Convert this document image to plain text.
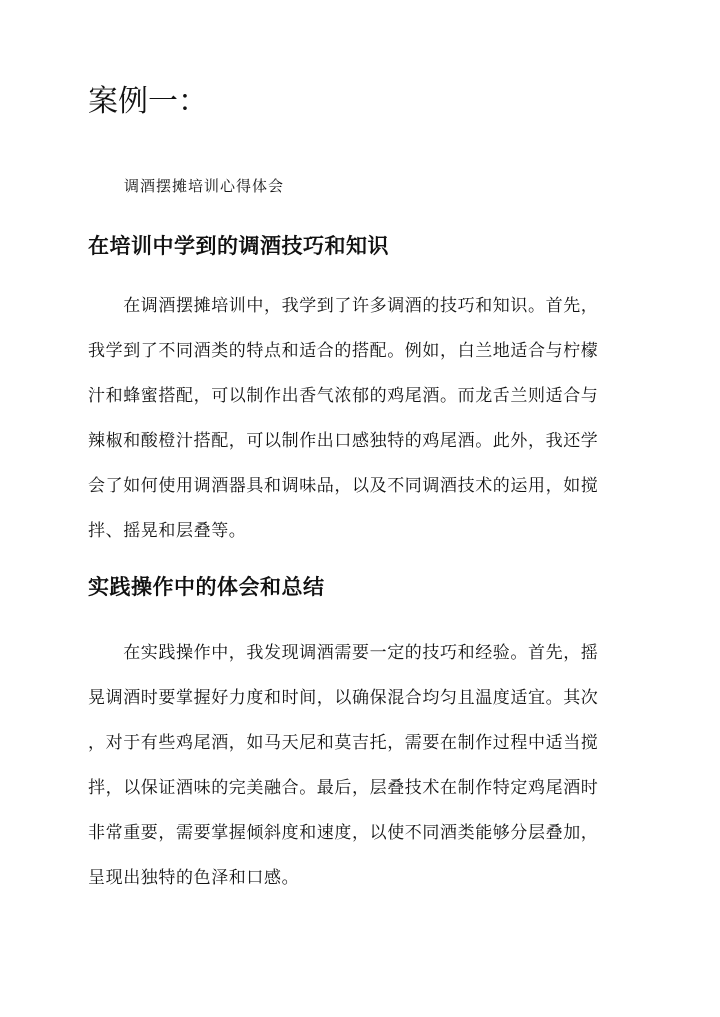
案例一：

调酒摆摊培训心得体会

在培训中学到的调酒技巧和知识
　　在调酒摆摊培训中，我学到了许多调酒的技巧和知识。首先，
我学到了不同酒类的特点和适合的搭配。例如，白兰地适合与柠檬
汁和蜂蜜搭配，可以制作出香气浓郁的鸡尾酒。而龙舌兰则适合与
辣椒和酸橙汁搭配，可以制作出口感独特的鸡尾酒。此外，我还学
会了如何使用调酒器具和调味品，以及不同调酒技术的运用，如搅
拌、摇晃和层叠等。
实践操作中的体会和总结
　　在实践操作中，我发现调酒需要一定的技巧和经验。首先，摇
晃调酒时要掌握好力度和时间，以确保混合均匀且温度适宜。其次
，对于有些鸡尾酒，如马天尼和莫吉托，需要在制作过程中适当搅
拌，以保证酒味的完美融合。最后，层叠技术在制作特定鸡尾酒时
非常重要，需要掌握倾斜度和速度，以使不同酒类能够分层叠加，
呈现出独特的色泽和口感。
